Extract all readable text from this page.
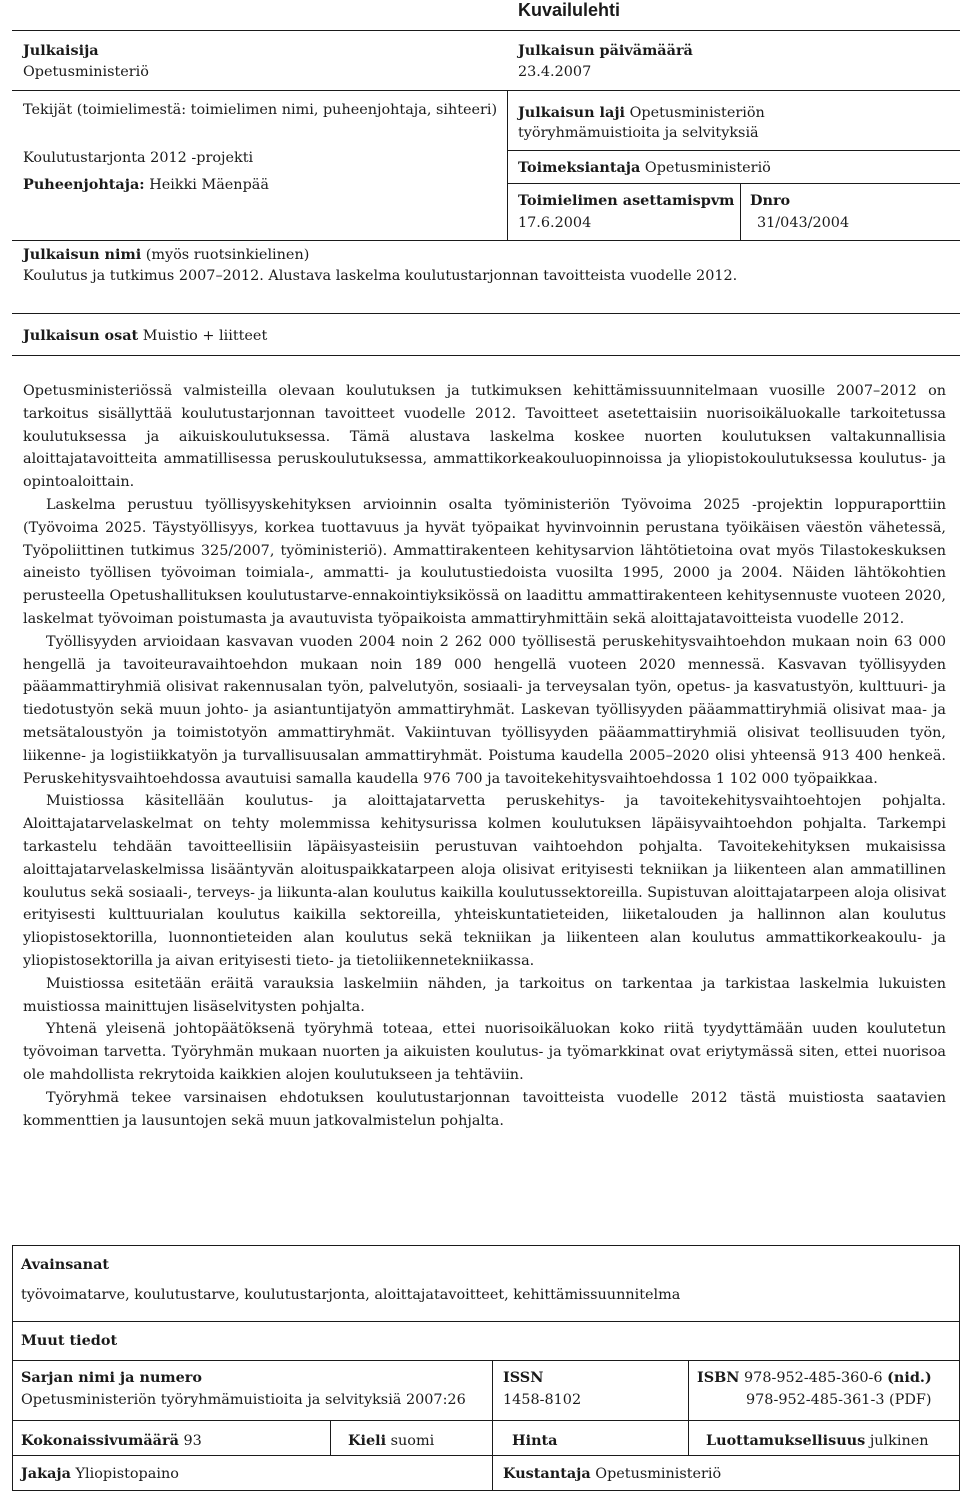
Kuvailulehti
Julkaisija
Opetusministeriö
Julkaisun päivämäärä
23.4.2007
Tekijät (toimielimestä: toimielimen nimi, puheenjohtaja, sihteeri)
Koulutustarjonta 2012 -projekti
Puheenjohtaja: Heikki Mäenpää
Julkaisun laji Opetusministeriön
työryhmämuistioita ja selvityksiä
Toimeksiantaja Opetusministeriö
Toimielimen asettamispvm
17.6.2004
Dnro
31/043/2004
Julkaisun nimi (myös ruotsinkielinen)
Koulutus ja tutkimus 2007–2012. Alustava laskelma koulutustarjonnan tavoitteista vuodelle 2012.
Julkaisun osat Muistio + liitteet

Opetusministeriössä valmisteilla olevaan koulutuksen ja tutkimuksen kehittämissuunnitelmaan vuosille 2007–2012 on tarkoitus sisällyttää koulutustarjonnan tavoitteet vuodelle 2012. Tavoitteet asetettaisiin nuorisoikäluokalle tarkoitetussa koulutuksessa ja aikuiskoulutuksessa. Tämä alustava laskelma koskee nuorten koulutuksen valtakunnallisia aloittajatavoitteita ammatillisessa peruskoulutuksessa, ammattikorkeakouluopinnoissa ja yliopistokoulutuksessa koulutus- ja opintoaloittain.

Laskelma perustuu työllisyyskehityksen arvioinnin osalta työministeriön Työvoima 2025 -projektin loppuraporttiin (Työvoima 2025. Täystyöllisyys, korkea tuottavuus ja hyvät työpaikat hyvinvoinnin perustana työikäisen väestön vähetessä, Työpoliittinen tutkimus 325/2007, työministeriö). Ammattirakenteen kehitysarvion lähtötietoina ovat myös Tilastokeskuksen aineisto työllisen työvoiman toimiala-, ammatti- ja koulutustiedoista vuosilta 1995, 2000 ja 2004. Näiden lähtökohtien perusteella Opetushallituksen koulutustarve-ennakointiyksikössä on laadittu ammattirakenteen kehitysennuste vuoteen 2020, laskelmat työvoiman poistumasta ja avautuvista työpaikoista ammattiryhmittäin sekä aloittajatavoitteista vuodelle 2012.

Työllisyyden arvioidaan kasvavan vuoden 2004 noin 2 262 000 työllisestä peruskehitysvaihtoehdon mukaan noin 63 000 hengellä ja tavoiteuravaihtoehdon mukaan noin 189 000 hengellä vuoteen 2020 mennessä. Kasvavan työllisyyden pääammattiryhmiä olisivat rakennusalan työn, palvelutyön, sosiaali- ja terveysalan työn, opetus- ja kasvatustyön, kulttuuri- ja tiedotustyön sekä muun johto- ja asiantuntijatyön ammattiryhmät. Laskevan työllisyyden pääammattiryhmiä olisivat maa- ja metsätaloustyön ja toimistotyön ammattiryhmät. Vakiintuvan työllisyyden pääammattiryhmiä olisivat teollisuuden työn, liikenne- ja logistiikkatyön ja turvallisuusalan ammattiryhmät. Poistuma kaudella 2005–2020 olisi yhteensä 913 400 henkeä. Peruskehitysvaihtoehdossa avautuisi samalla kaudella 976 700 ja tavoitekehitysvaihtoehdossa 1 102 000 työpaikkaa.

Muistiossa käsitellään koulutus- ja aloittajatarvetta peruskehitys- ja tavoitekehitysvaihtoehtojen pohjalta. Aloittajatarvelaskelmat on tehty molemmissa kehitysurissa kolmen koulutuksen läpäisyvaihtoehdon pohjalta. Tarkempi tarkastelu tehdään tavoitteellisiin läpäisyasteisiin perustuvan vaihtoehdon pohjalta. Tavoitekehityksen mukaisissa aloittajatarvelaskelmissa lisääntyvän aloituspaikkatarpeen aloja olisivat erityisesti tekniikan ja liikenteen alan ammatillinen koulutus sekä sosiaali-, terveys- ja liikunta-alan koulutus kaikilla koulutussektoreilla. Supistuvan aloittajatarpeen aloja olisivat erityisesti kulttuurialan koulutus kaikilla sektoreilla, yhteiskuntatieteiden, liiketalouden ja hallinnon alan koulutus yliopistosektorilla, luonnontieteiden alan koulutus sekä tekniikan ja liikenteen alan koulutus ammattikorkeakoulu- ja yliopistosektorilla ja aivan erityisesti tieto- ja tietoliikennetekniikassa.

Muistiossa esitetään eräitä varauksia laskelmiin nähden, ja tarkoitus on tarkentaa ja tarkistaa laskelmia lukuisten muistiossa mainittujen lisäselvitysten pohjalta.

Yhtenä yleisenä johtopäätöksenä työryhmä toteaa, ettei nuorisoikäluokan koko riitä tyydyttämään uuden koulutetun työvoiman tarvetta. Työryhmän mukaan nuorten ja aikuisten koulutus- ja työmarkkinat ovat eriytymässä siten, ettei nuorisoa ole mahdollista rekrytoida kaikkien alojen koulutukseen ja tehtäviin.

Työryhmä tekee varsinaisen ehdotuksen koulutustarjonnan tavoitteista vuodelle 2012 tästä muistiosta saatavien kommenttien ja lausuntojen sekä muun jatkovalmistelun pohjalta.

Avainsanat
työvoimatarve, koulutustarve, koulutustarjonta, aloittajatavoitteet, kehittämissuunnitelma
Muut tiedot
Sarjan nimi ja numero
Opetusministeriön työryhmämuistioita ja selvityksiä 2007:26
ISSN
1458-8102
ISBN 978-952-485-360-6 (nid.)
978-952-485-361-3 (PDF)
Kokonaissivumäärä 93	Kieli suomi	Hinta	Luottamuksellisuus julkinen
Jakaja Yliopistopaino	Kustantaja Opetusministeriö
